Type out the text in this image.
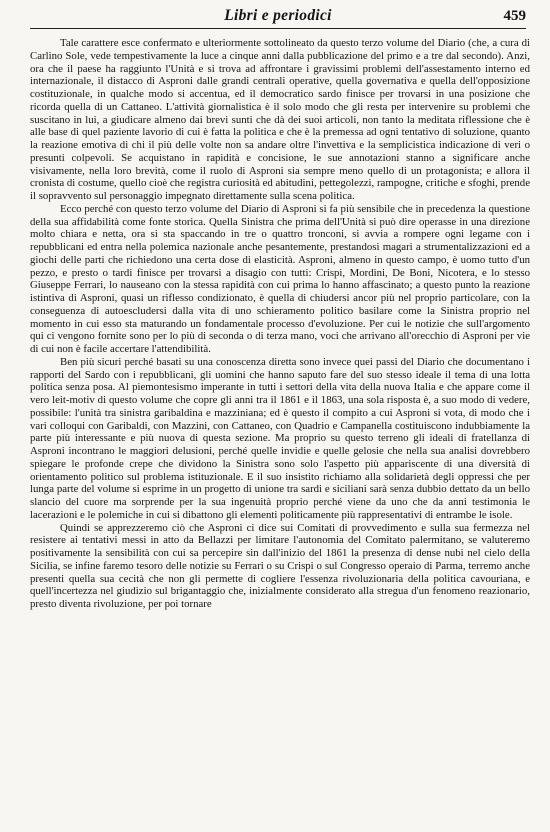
Libri e periodici	459

Tale carattere esce confermato e ulteriormente sottolineato da questo terzo volume del Diario (che, a cura di Carlino Sole, vede tempestivamente la luce a cinque anni dalla pubblicazione del primo e a tre dal secondo). Anzi, ora che il paese ha raggiunto l'Unità e si trova ad affrontare i gravissimi problemi dell'assestamento interno ed internazionale, il distacco di Asproni dalle grandi centrali operative, quella governativa e quella dell'opposizione costituzionale, in qualche modo si accentua, ed il democratico sardo finisce per trovarsi in una posizione che ricorda quella di un Cattaneo. L'attività giornalistica è il solo modo che gli resta per intervenire su problemi che suscitano in lui, a giudicare almeno dai brevi sunti che dà dei suoi articoli, non tanto la meditata riflessione che è alle base di quel paziente lavorio di cui è fatta la politica e che è la premessa ad ogni tentativo di soluzione, quanto la reazione emotiva di chi il più delle volte non sa andare oltre l'invettiva e la semplicistica indicazione di veri o presunti colpevoli. Se acquistano in rapidità e concisione, le sue annotazioni stanno a significare anche visivamente, nella loro brevità, come il ruolo di Asproni sia sempre meno quello di un protagonista; e allora il cronista di costume, quello cioè che registra curiosità ed abitudini, pettegolezzi, rampogne, critiche e sfoghi, prende il sopravvento sul personaggio impegnato direttamente sulla scena politica.

Ecco perché con questo terzo volume del Diario di Asproni si fa più sensibile che in precedenza la questione della sua affidabilità come fonte storica. Quella Sinistra che prima dell'Unità si può dire operasse in una direzione molto chiara e netta, ora si sta spaccando in tre o quattro tronconi, si avvia a rompere ogni legame con i repubblicani ed entra nella polemica nazionale anche pesantemente, prestandosi magari a strumentalizzazioni ed a giochi delle parti che richiedono una certa dose di elasticità. Asproni, almeno in questo campo, è uomo tutto d'un pezzo, e presto o tardi finisce per trovarsi a disagio con tutti: Crispi, Mordini, De Boni, Nicotera, e lo stesso Giuseppe Ferrari, lo nauseano con la stessa rapidità con cui prima lo hanno affascinato; a questo punto la reazione istintiva di Asproni, quasi un riflesso condizionato, è quella di chiudersi ancor più nel proprio particolare, con la conseguenza di autoescludersi dalla vita di uno schieramento politico basilare come la Sinistra proprio nel momento in cui esso sta maturando un fondamentale processo d'evoluzione. Per cui le notizie che sull'argomento qui ci vengono fornite sono per lo più di seconda o di terza mano, voci che arrivano all'orecchio di Asproni per vie di cui non è facile accertare l'attendibilità.

Ben più sicuri perché basati su una conoscenza diretta sono invece quei passi del Diario che documentano i rapporti del Sardo con i repubblicani, gli uomini che hanno saputo fare del suo stesso ideale il tema di una lotta politica senza posa. Al piemontesismo imperante in tutti i settori della vita della nuova Italia e che appare come il vero leit-motiv di questo volume che copre gli anni tra il 1861 e il 1863, una sola risposta è, a suo modo di vedere, possibile: l'unità tra sinistra garibaldina e mazziniana; ed è questo il compito a cui Asproni si vota, di modo che i vari colloqui con Garibaldi, con Mazzini, con Cattaneo, con Quadrio e Campanella costituiscono indubbiamente la parte più interessante e più nuova di questa sezione. Ma proprio su questo terreno gli ideali di fratellanza di Asproni incontrano le maggiori delusioni, perché quelle invidie e quelle gelosie che nella sua analisi dovrebbero spiegare le profonde crepe che dividono la Sinistra sono solo l'aspetto più appariscente di una diversità di orientamento politico sul problema istituzionale. E il suo insistito richiamo alla solidarietà degli oppressi che per lunga parte del volume si esprime in un progetto di unione tra sardi e siciliani sarà senza dubbio dettato da un bello slancio del cuore ma sorprende per la sua ingenuità proprio perché viene da uno che da anni testimonia le lacerazioni e le polemiche in cui si dibattono gli elementi politicamente più rappresentativi di entrambe le isole.

Quindi se apprezzeremo ciò che Asproni ci dice sui Comitati di provvedimento e sulla sua fermezza nel resistere ai tentativi messi in atto da Bellazzi per limitare l'autonomia del Comitato palermitano, se valuteremo positivamente la sensibilità con cui sa percepire sin dall'inizio del 1861 la presenza di dense nubi nel cielo della Sicilia, se infine faremo tesoro delle notizie su Ferrari o su Crispi o sul Congresso operaio di Parma, terremo anche presenti quella sua cecità che non gli permette di cogliere l'essenza rivoluzionaria della politica cavouriana, e quell'incertezza nel giudizio sul brigantaggio che, inizialmente considerato alla stregua d'un fenomeno reazionario, presto diventa rivoluzione, per poi tornare
